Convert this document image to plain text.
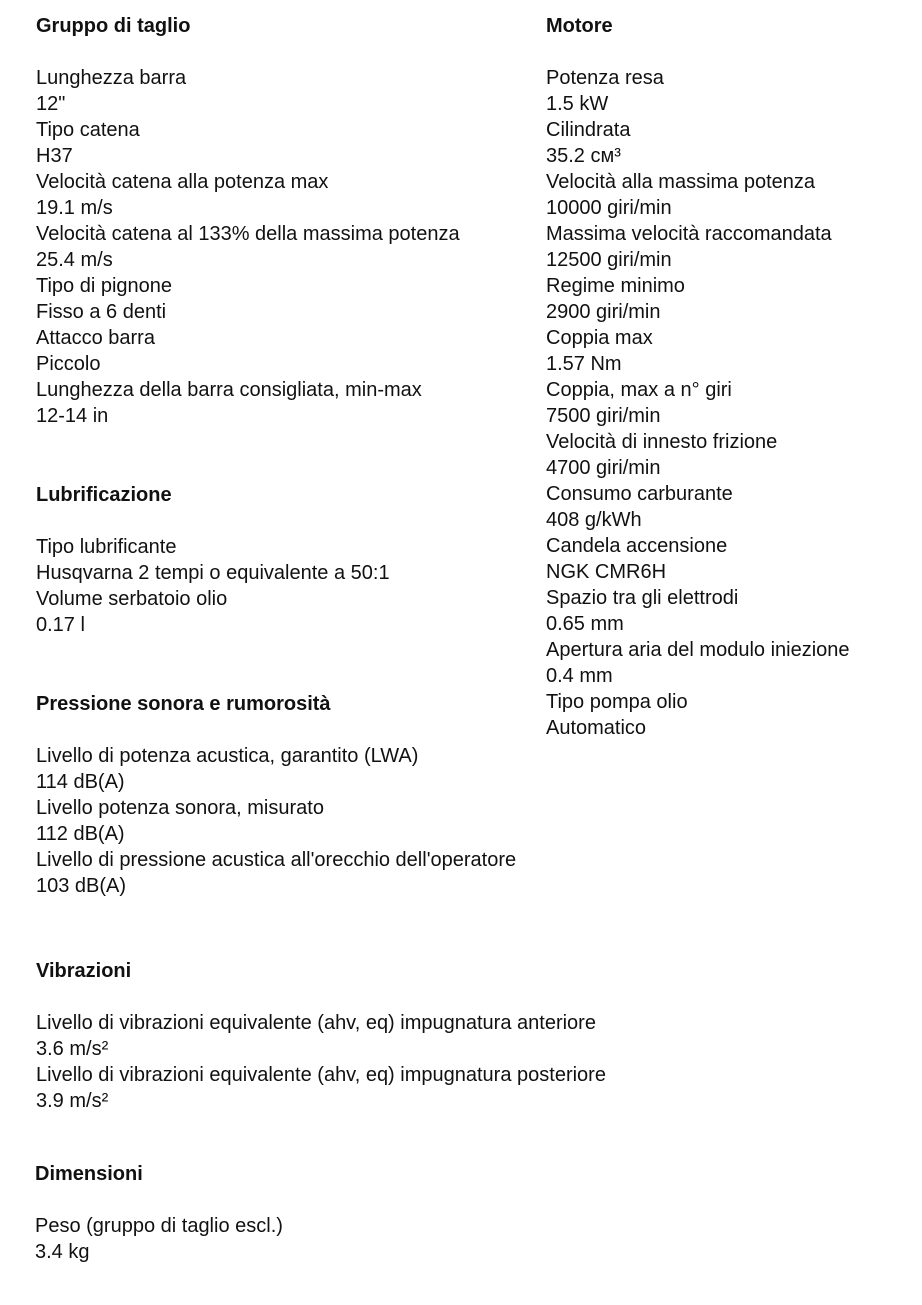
Gruppo di taglio
Lunghezza barra
12"
Tipo catena
H37
Velocità catena alla potenza max
19.1 m/s
Velocità catena al 133% della massima potenza
25.4 m/s
Tipo di pignone
Fisso a 6 denti
Attacco barra
Piccolo
Lunghezza della barra consigliata, min-max
12-14 in
Lubrificazione
Tipo lubrificante
Husqvarna 2 tempi o equivalente a 50:1
Volume serbatoio olio
0.17 l
Pressione sonora e rumorosità
Livello di potenza acustica, garantito (LWA)
114 dB(A)
Livello potenza sonora, misurato
112 dB(A)
Livello di pressione acustica all'orecchio dell'operatore
103 dB(A)
Vibrazioni
Livello di vibrazioni equivalente (ahv, eq) impugnatura anteriore
3.6 m/s²
Livello di vibrazioni equivalente (ahv, eq) impugnatura posteriore
3.9 m/s²
Dimensioni
Peso (gruppo di taglio escl.)
3.4 kg
Motore
Potenza resa
1.5 kW
Cilindrata
35.2 см³
Velocità alla massima potenza
10000 giri/min
Massima velocità raccomandata
12500 giri/min
Regime minimo
2900 giri/min
Coppia max
1.57 Nm
Coppia, max a n° giri
7500 giri/min
Velocità di innesto frizione
4700 giri/min
Consumo carburante
408 g/kWh
Candela accensione
NGK CMR6H
Spazio tra gli elettrodi
0.65 mm
Apertura aria del modulo iniezione
0.4 mm
Tipo pompa olio
Automatico
